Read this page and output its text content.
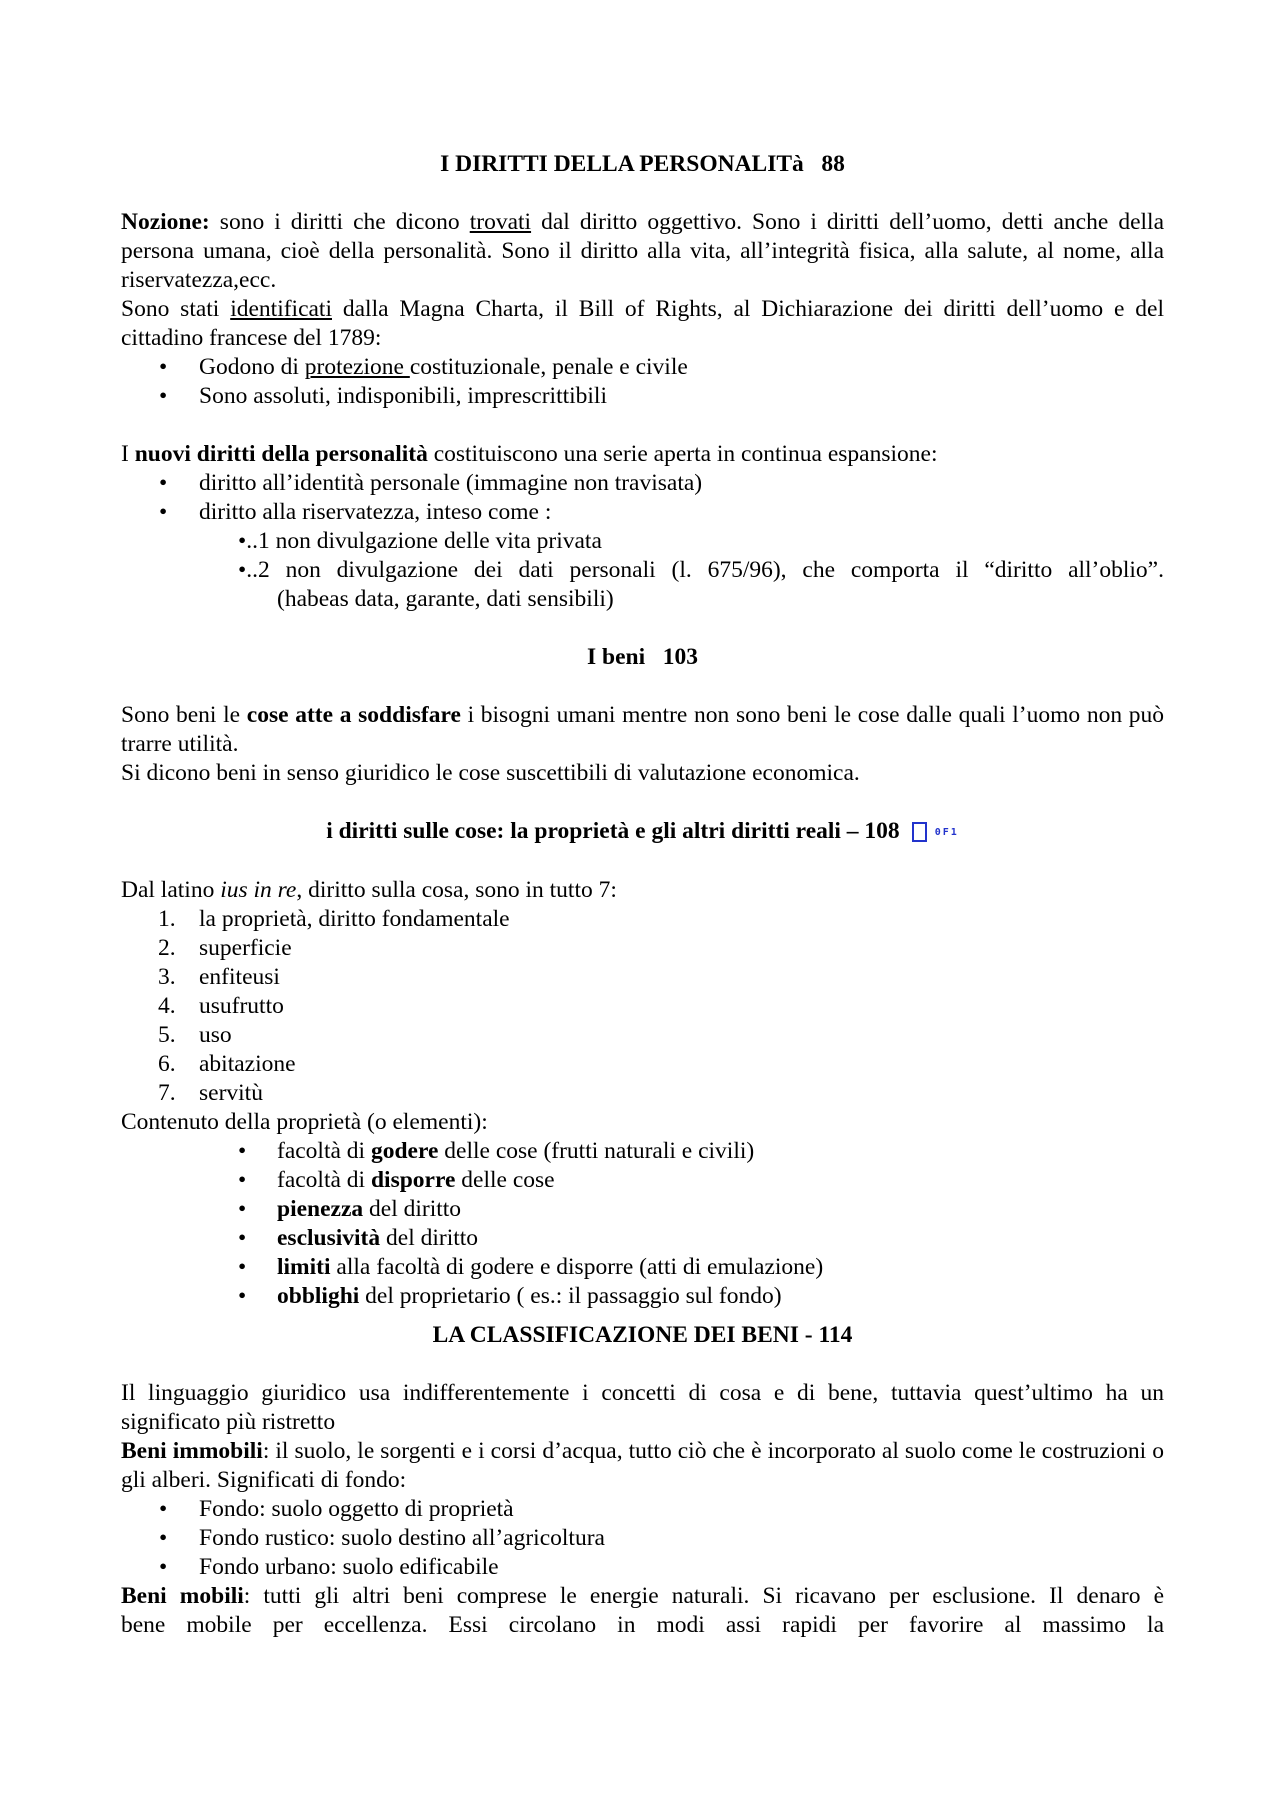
I DIRITTI DELLA PERSONALITà   88

Nozione: sono i diritti che dicono trovati dal diritto oggettivo. Sono i diritti dell’uomo, detti anche della persona umana, cioè della personalità. Sono il diritto alla vita, all’integrità fisica, alla salute, al nome, alla riservatezza,ecc.

Sono stati identificati dalla Magna Charta, il Bill of Rights, al Dichiarazione dei diritti dell’uomo e del cittadino francese del 1789:

• Godono di protezione costituzionale, penale e civile
• Sono assoluti, indisponibili, imprescrittibili

I nuovi diritti della personalità costituiscono una serie aperta in continua espansione:

• diritto all’identità personale (immagine non travisata)
• diritto alla riservatezza, inteso come :
•..1 non divulgazione delle vita privata
•..2 non divulgazione dei dati personali (l. 675/96), che comporta il “diritto all’oblio”.
(habeas data, garante, dati sensibili)

I beni   103

Sono beni le cose atte a soddisfare i bisogni umani mentre non sono beni le cose dalle quali l’uomo non può trarre utilità.

Si dicono beni in senso giuridico le cose suscettibili di valutazione economica.

i diritti sulle cose: la proprietà e gli altri diritti reali – 108	0F1

Dal latino ius in re, diritto sulla cosa, sono in tutto 7:

1. la proprietà, diritto fondamentale
2. superficie
3. enfiteusi
4. usufrutto
5. uso
6. abitazione
7. servitù

Contenuto della proprietà (o elementi):

• facoltà di godere delle cose (frutti naturali e civili)
• facoltà di disporre delle cose
• pienezza del diritto
• esclusività del diritto
• limiti alla facoltà di godere e disporre (atti di emulazione)
• obblighi del proprietario ( es.: il passaggio sul fondo)

LA CLASSIFICAZIONE DEI BENI - 114

Il linguaggio giuridico usa indifferentemente i concetti di cosa e di bene, tuttavia quest’ultimo ha un significato più ristretto

Beni immobili: il suolo, le sorgenti e i corsi d’acqua, tutto ciò che è incorporato al suolo come le costruzioni o gli alberi. Significati di fondo:

• Fondo: suolo oggetto di proprietà
• Fondo rustico: suolo destino all’agricoltura
• Fondo urbano: suolo edificabile

Beni mobili: tutti gli altri beni comprese le energie naturali. Si ricavano per esclusione. Il denaro è

bene mobile per eccellenza. Essi circolano in modi assi rapidi per favorire al massimo la
